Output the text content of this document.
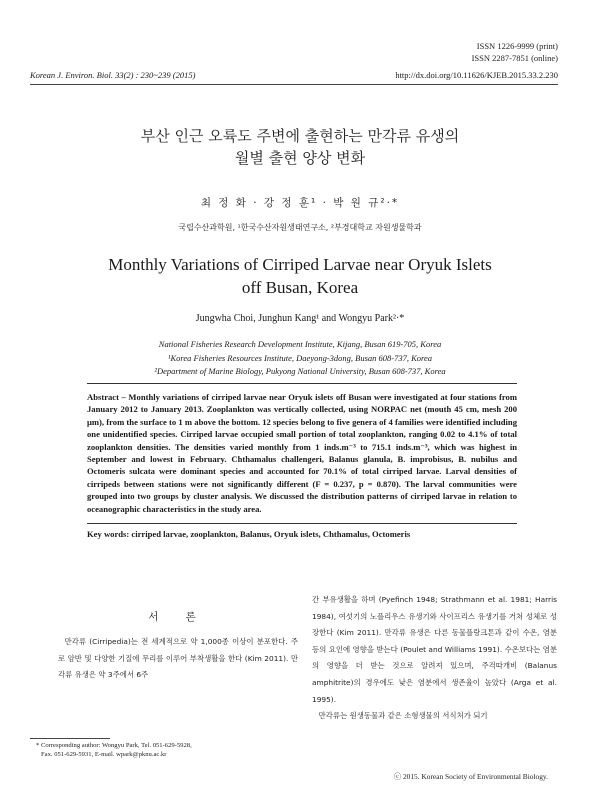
ISSN 1226-9999 (print)
ISSN 2287-7851 (online)
Korean J. Environ. Biol. 33(2) : 230~239 (2015)	http://dx.doi.org/10.11626/KJEB.2015.33.2.230
부산 인근 오륙도 주변에 출현하는 만각류 유생의
월별 출현 양상 변화
최 정 화 · 강 정 훈¹ · 박 원 규²·*
국립수산과학원, ¹한국수산자원생태연구소, ²부경대학교 자원생물학과
Monthly Variations of Cirriped Larvae near Oryuk Islets
off Busan, Korea
Jungwha Choi, Junghun Kang¹ and Wongyu Park²·*
National Fisheries Research Development Institute, Kijang, Busan 619-705, Korea
¹Korea Fisheries Resources Institute, Daeyong-3dong, Busan 608-737, Korea
²Department of Marine Biology, Pukyong National University, Busan 608-737, Korea
Abstract – Monthly variations of cirriped larvae near Oryuk islets off Busan were investigated at four stations from January 2012 to January 2013. Zooplankton was vertically collected, using NORPAC net (mouth 45 cm, mesh 200 μm), from the surface to 1 m above the bottom. 12 species belong to five genera of 4 families were identified including one unidentified species. Cirriped larvae occupied small portion of total zooplankton, ranging 0.02 to 4.1% of total zooplankton densities. The densities varied monthly from 1 inds.m⁻³ to 715.1 inds.m⁻³, which was highest in September and lowest in February. Chthamalus challengeri, Balanus glanula, B. improbisus, B. nubilus and Octomeris sulcata were dominant species and accounted for 70.1% of total cirriped larvae. Larval densities of cirripeds between stations were not significantly different (F = 0.237, p = 0.870). The larval communities were grouped into two groups by cluster analysis. We discussed the distribution patterns of cirriped larvae in relation to oceanographic characteristics in the study area.
Key words: cirriped larvae, zooplankton, Balanus, Oryuk islets, Chthamalus, Octomeris
서 론

만각류 (Cirripedia)는 전 세계적으로 약 1,000종 이상이 분포한다. 주로 암반 및 다양한 기질에 무리를 이루어 부착생활을 한다 (Kim 2011). 만각류 유생은 약 3주에서 6주

간 부유생활을 하며 (Pyefinch 1948; Strathmann et al. 1981; Harris 1984), 여섯기의 노플리우스 유생기와 사이프리스 유생기를 거쳐 성체로 성장한다 (Kim 2011). 만각류 유생은 다른 동물플랑크톤과 같이 수온, 염분 등의 요인에 영향을 받는다 (Poulet and Williams 1991). 수온보다는 염분의 영향을 더 받는 것으로 알려져 있으며, 주걱따개비 (Balanus amphitrite)의 경우에도 낮은 염분에서 생존율이 높았다 (Arga et al. 1995).

만각류는 원생동물과 같은 소형생물의 서식처가 되기

* Corresponding author: Wongyu Park, Tel. 051-629-5928,
Fax. 051-629-5931, E-mail. wpark@pknu.ac.kr
ⓒ 2015. Korean Society of Environmental Biology.
